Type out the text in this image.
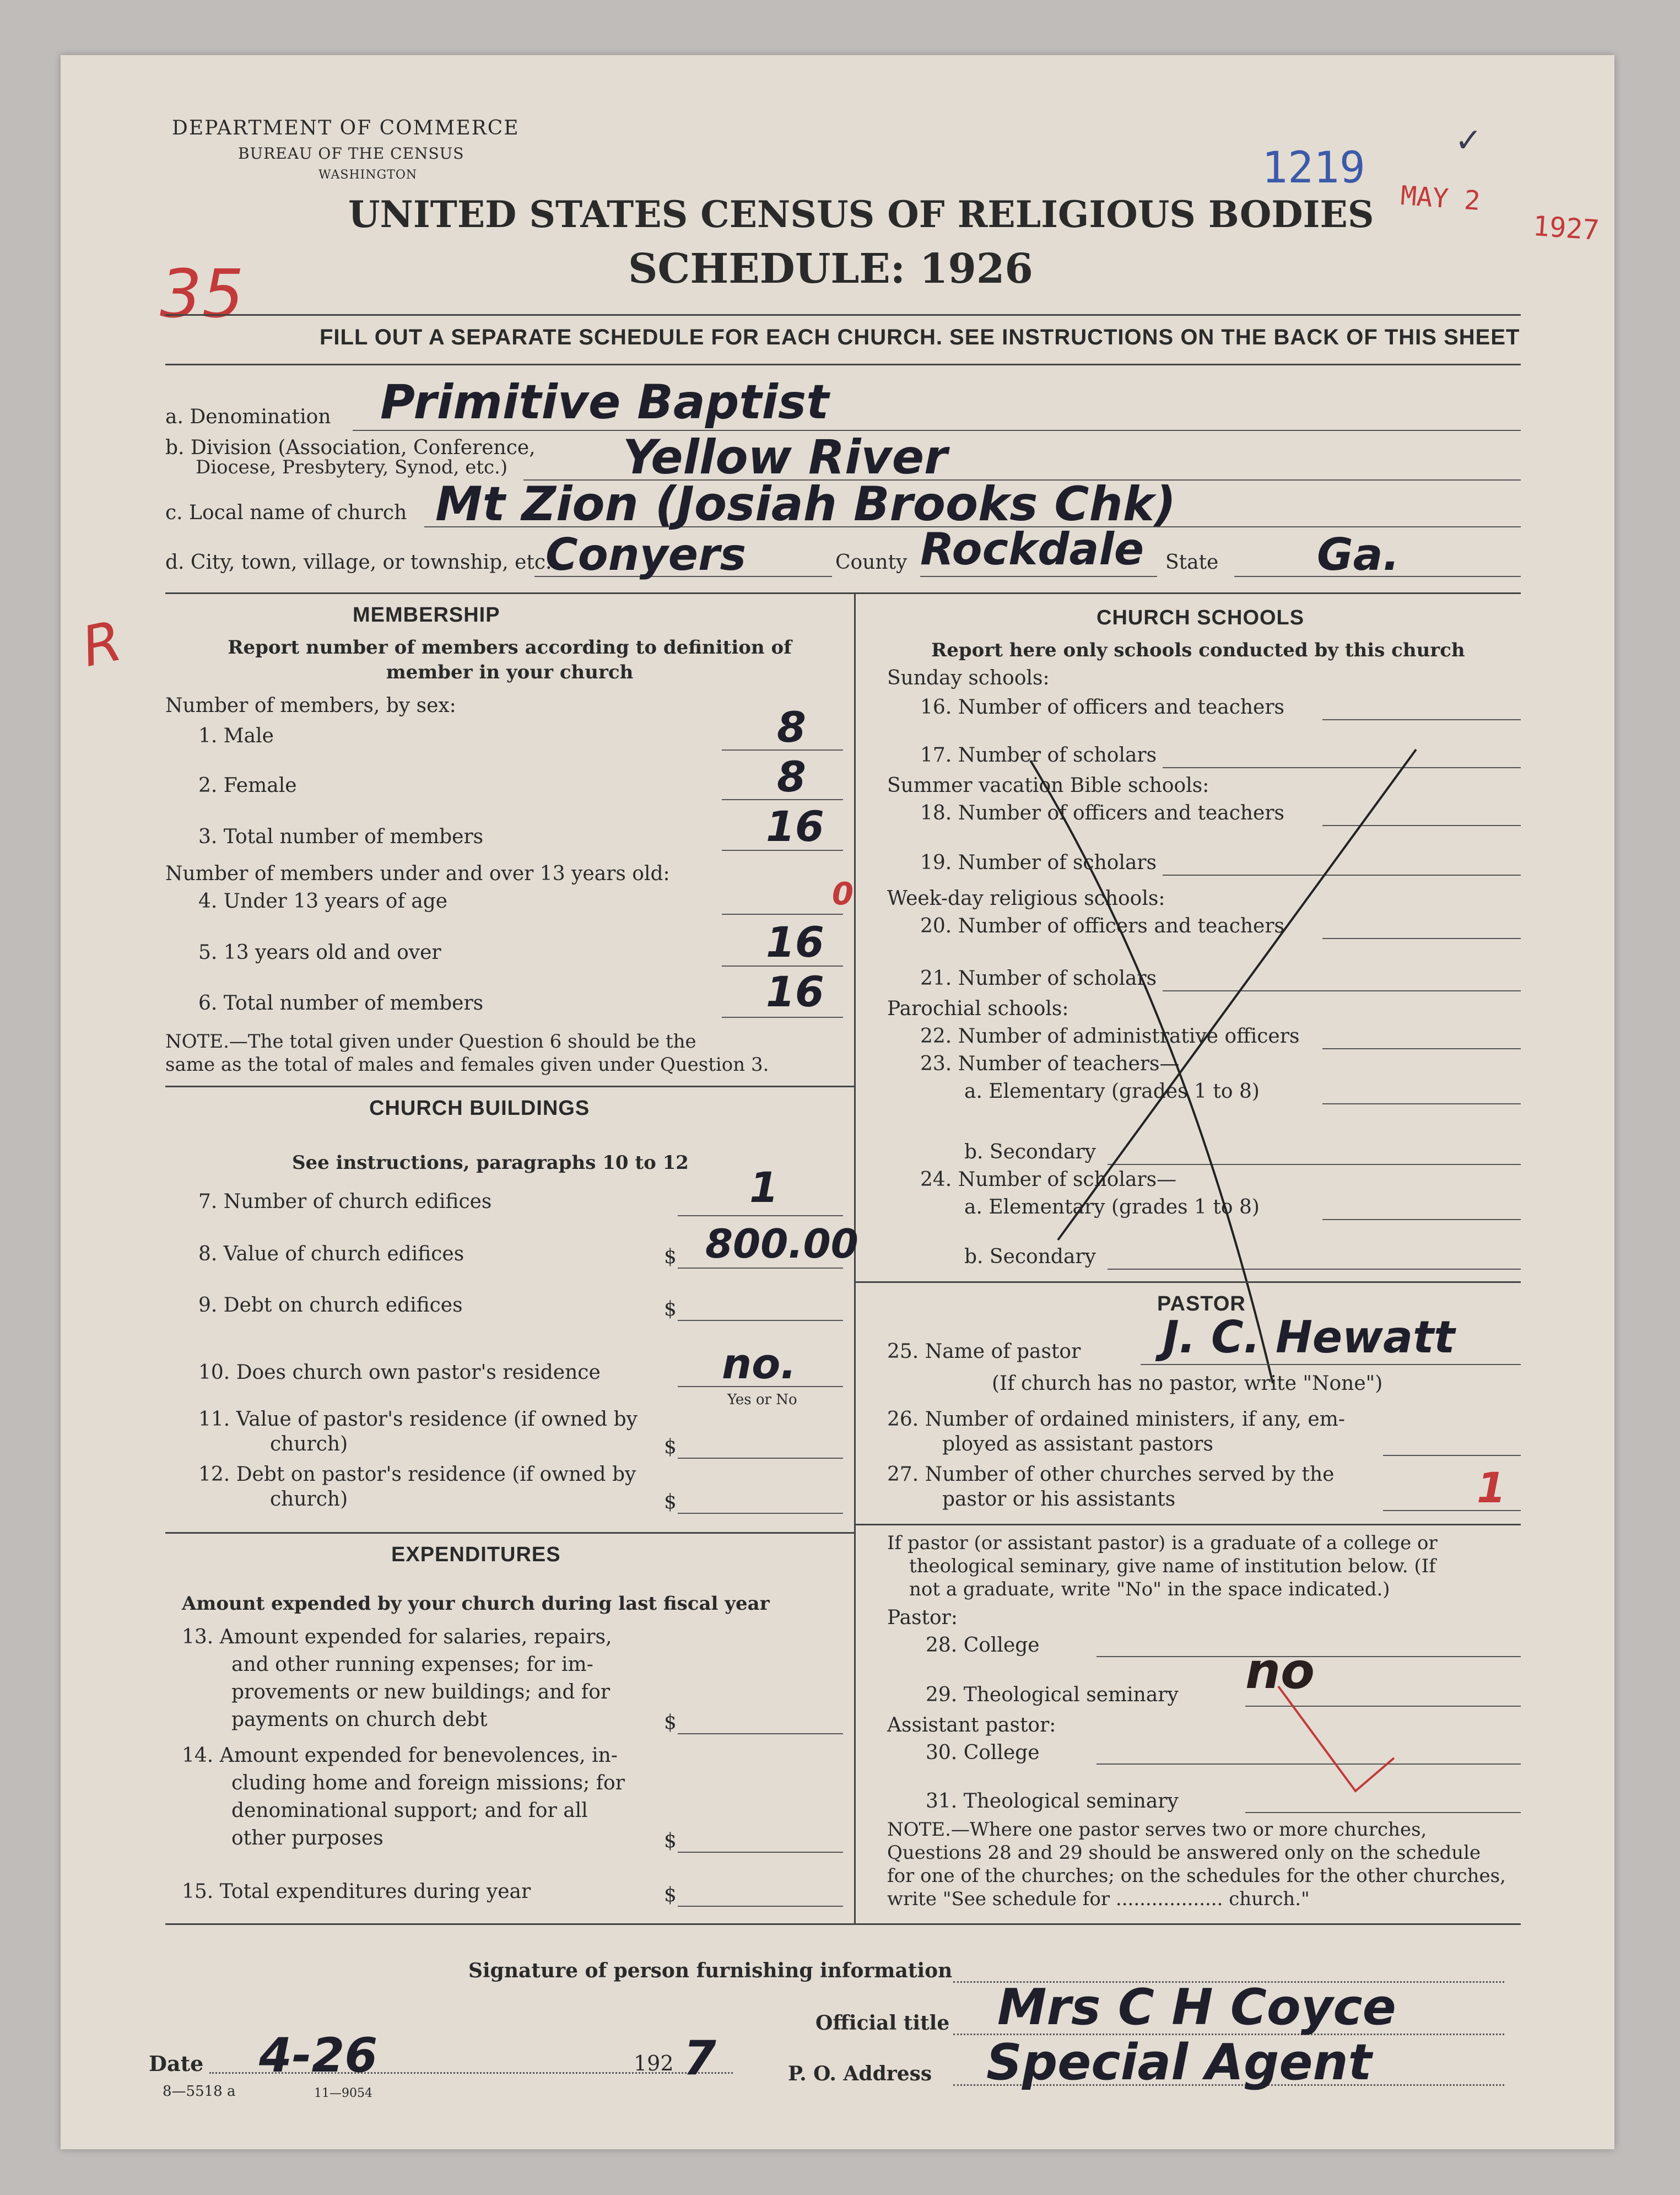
DEPARTMENT OF COMMERCE
BUREAU OF THE CENSUS
WASHINGTON
UNITED STATES CENSUS OF RELIGIOUS BODIES
SCHEDULE: 1926
1219
✓
MAY 2
1927
35
R
FILL OUT A SEPARATE SCHEDULE FOR EACH CHURCH. SEE INSTRUCTIONS ON THE BACK OF THIS SHEET
a. Denomination Primitive Baptist
b. Division (Association, Conference,
Diocese, Presbytery, Synod, etc.) Yellow River
c. Local name of church Mt Zion (Josiah Brooks Chk)
d. City, town, village, or township, etc.
Conyers	County Rockdale State Ga.
MEMBERSHIP
Report number of members according to definition of
member in your church
Number of members, by sex:
1. Male	8
2. Female	8
3. Total number of members	16
Number of members under and over 13 years old:
4. Under 13 years of age	0
5. 13 years old and over	16
6. Total number of members	16
NOTE.—The total given under Question 6 should be the
same as the total of males and females given under Question 3.
CHURCH BUILDINGS
See instructions, paragraphs 10 to 12
7. Number of church edifices	1
8. Value of church edifices	$ 800.00
9. Debt on church edifices	$
10. Does church own pastor's residence	no.
Yes or No
11. Value of pastor's residence (if owned by
church)	$
12. Debt on pastor's residence (if owned by
church)	$
EXPENDITURES
Amount expended by your church during last fiscal year
13. Amount expended for salaries, repairs,
and other running expenses; for im-
provements or new buildings; and for
payments on church debt	$
14. Amount expended for benevolences, in-
cluding home and foreign missions; for
denominational support; and for all
other purposes	$
15. Total expenditures during year	$
CHURCH SCHOOLS
Report here only schools conducted by this church
Sunday schools:
16. Number of officers and teachers
17. Number of scholars
Summer vacation Bible schools:
18. Number of officers and teachers
19. Number of scholars
Week-day religious schools:
20. Number of officers and teachers
21. Number of scholars
Parochial schools:
22. Number of administrative officers
23. Number of teachers—
a. Elementary (grades 1 to 8)
b. Secondary
24. Number of scholars—
a. Elementary (grades 1 to 8)
b. Secondary
PASTOR
25. Name of pastor J. C. Hewatt
(If church has no pastor, write "None")
26. Number of ordained ministers, if any, em-
ployed as assistant pastors
27. Number of other churches served by the
pastor or his assistants	1
If pastor (or assistant pastor) is a graduate of a college or
theological seminary, give name of institution below. (If
not a graduate, write "No" in the space indicated.)
Pastor:
28. College
29. Theological seminary no
Assistant pastor:
30. College
31. Theological seminary
NOTE.—Where one pastor serves two or more churches,
Questions 28 and 29 should be answered only on the schedule
for one of the churches; on the schedules for the other churches,
write "See schedule for .................. church."
Signature of person furnishing information
Official title Mrs C H Coyce
Date 4-26	192 7	P. O. Address Special Agent
8—5518 a	11—9054
